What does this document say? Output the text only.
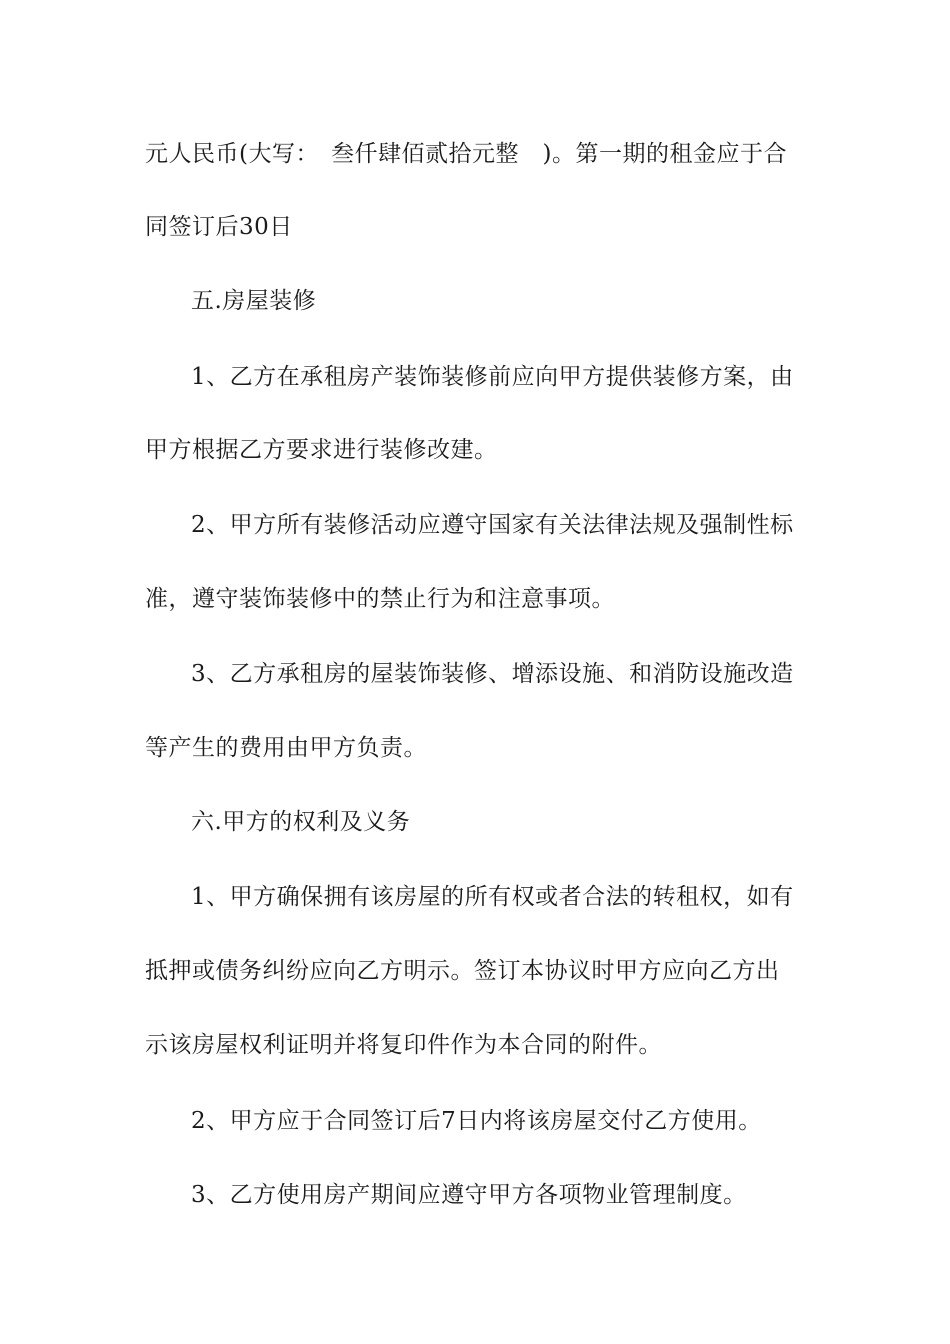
元人民币(大写：　叁仟肆佰贰拾元整　)。第一期的租金应于合
同签订后30日
五.房屋装修
1、乙方在承租房产装饰装修前应向甲方提供装修方案，由
甲方根据乙方要求进行装修改建。
2、甲方所有装修活动应遵守国家有关法律法规及强制性标
准，遵守装饰装修中的禁止行为和注意事项。
3、乙方承租房的屋装饰装修、增添设施、和消防设施改造
等产生的费用由甲方负责。
六.甲方的权利及义务
1、甲方确保拥有该房屋的所有权或者合法的转租权，如有
抵押或债务纠纷应向乙方明示。签订本协议时甲方应向乙方出
示该房屋权利证明并将复印件作为本合同的附件。
2、甲方应于合同签订后7日内将该房屋交付乙方使用。
3、乙方使用房产期间应遵守甲方各项物业管理制度。
